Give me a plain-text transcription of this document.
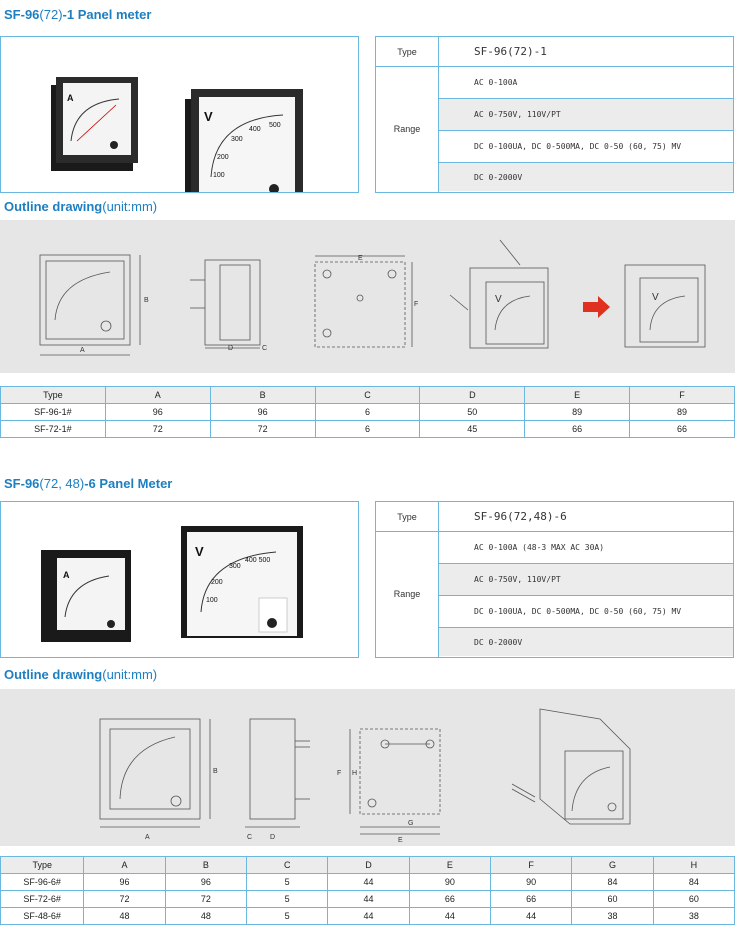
SF-96(72)-1 Panel meter
A
V
100
200
300
400
500
Type	SF-96(72)-1
Range
AC 0-100A
AC 0-750V, 110V/PT
DC 0-100UA, DC 0-500MA, DC 0-50 (60, 75) MV
DC 0-2000V
Outline drawing(unit:mm)
A
B
C
D
E
F	V	V
Type	A	B	C	D	E	F
SF-96-1#	96	96	6	50	89	89
SF-72-1#	72	72	6	45	66	66
SF-96(72, 48)-6 Panel Meter
A
V
100
200
300
400 500
Type	SF-96(72,48)-6
Range
AC 0-100A (48-3 MAX AC 30A)
AC 0-750V, 110V/PT
DC 0-100UA, DC 0-500MA, DC 0-50 (60, 75) MV
DC 0-2000V
Outline drawing(unit:mm)
A
B
C	D	E
F
G
H
Type	A	B	C	D	E	F	G	H
SF-96-6#	96	96	5	44	90	90	84	84
SF-72-6#	72	72	5	44	66	66	60	60
SF-48-6#	48	48	5	44	44	44	38	38
